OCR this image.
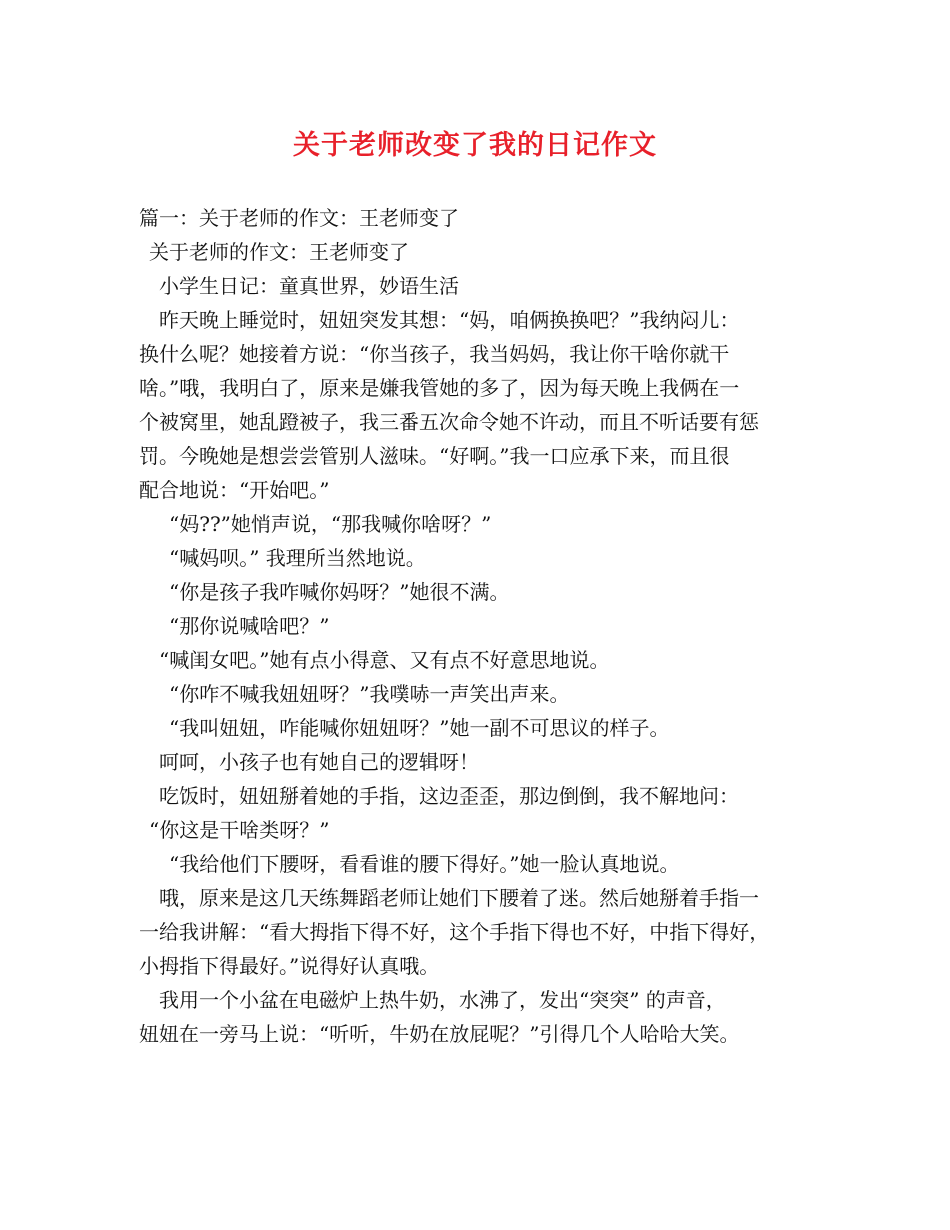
关于老师改变了我的日记作文
篇一：关于老师的作文：王老师变了
关于老师的作文：王老师变了
小学生日记：童真世界，妙语生活
昨天晚上睡觉时，妞妞突发其想：“妈，咱俩换换吧？”我纳闷儿：
换什么呢？她接着方说：“你当孩子，我当妈妈，我让你干啥你就干
啥。”哦，我明白了，原来是嫌我管她的多了，因为每天晚上我俩在一
个被窝里，她乱蹬被子，我三番五次命令她不许动，而且不听话要有惩
罚。今晚她是想尝尝管别人滋味。“好啊。”我一口应承下来，而且很
配合地说：“开始吧。”
“妈??”她悄声说，“那我喊你啥呀？”
“喊妈呗。” 我理所当然地说。
“你是孩子我咋喊你妈呀？”她很不满。
“那你说喊啥吧？”
“喊闺女吧。”她有点小得意、又有点不好意思地说。
“你咋不喊我妞妞呀？”我噗哧一声笑出声来。
“我叫妞妞，咋能喊你妞妞呀？”她一副不可思议的样子。
呵呵，小孩子也有她自己的逻辑呀！
吃饭时，妞妞掰着她的手指，这边歪歪，那边倒倒，我不解地问：
“你这是干啥类呀？”
“我给他们下腰呀，看看谁的腰下得好。”她一脸认真地说。
哦，原来是这几天练舞蹈老师让她们下腰着了迷。然后她掰着手指一
一给我讲解：“看大拇指下得不好，这个手指下得也不好，中指下得好，
小拇指下得最好。”说得好认真哦。
我用一个小盆在电磁炉上热牛奶，水沸了，发出“突突” 的声音，
妞妞在一旁马上说：“听听，牛奶在放屁呢？”引得几个人哈哈大笑。
